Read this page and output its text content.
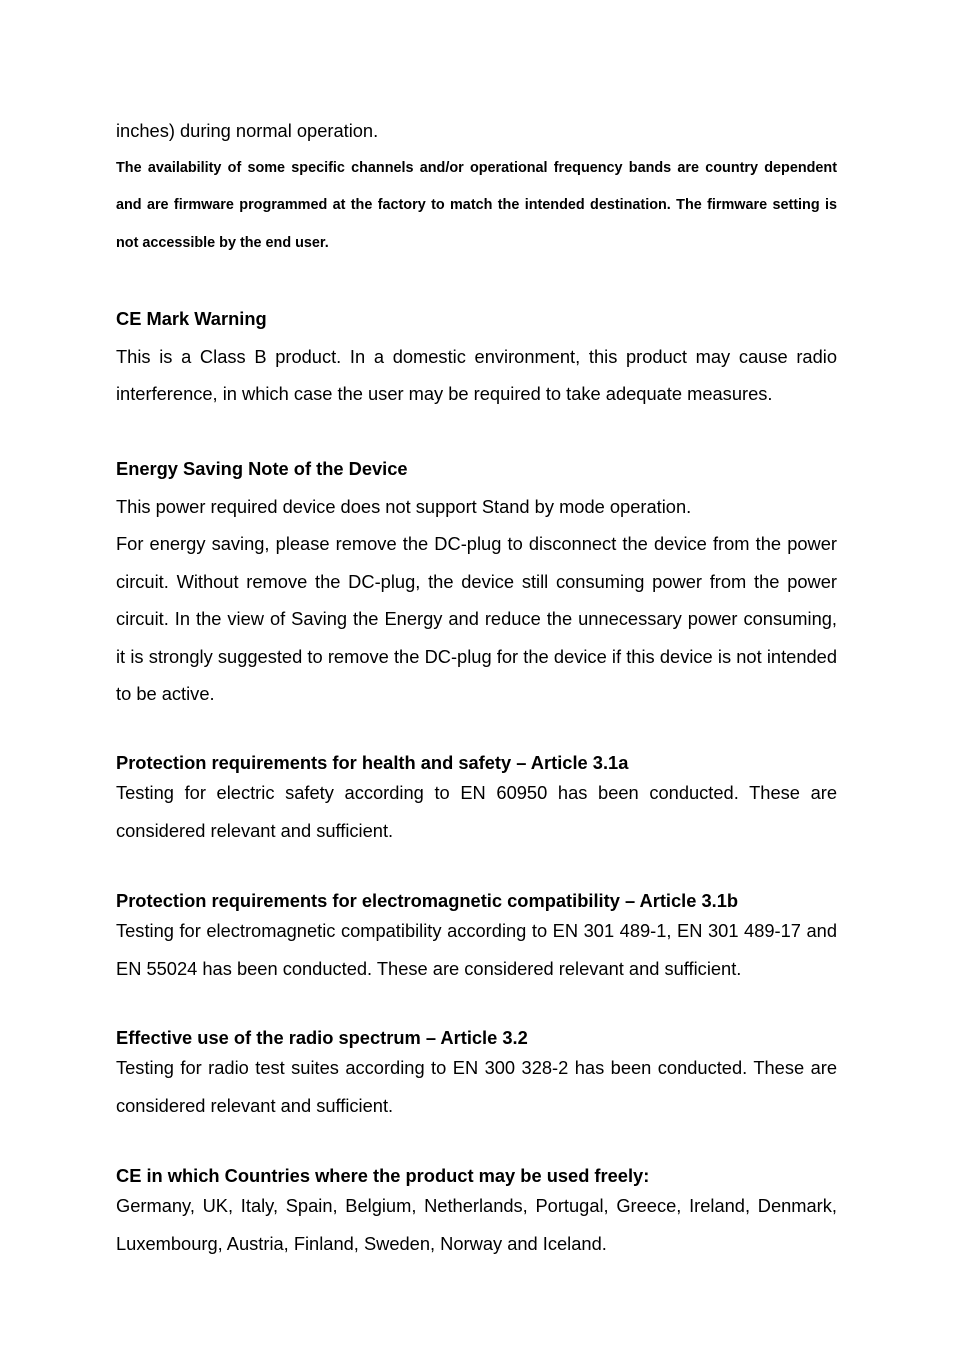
inches) during normal operation.

The availability of some specific channels and/or operational frequency bands are country dependent and are firmware programmed at the factory to match the intended destination. The firmware setting is not accessible by the end user.

CE Mark Warning

This is a Class B product. In a domestic environment, this product may cause radio interference, in which case the user may be required to take adequate measures.

Energy Saving Note of the Device

This power required device does not support Stand by mode operation.

For energy saving, please remove the DC-plug to disconnect the device from the power circuit. Without remove the DC-plug, the device still consuming power from the power circuit. In the view of Saving the Energy and reduce the unnecessary power consuming, it is strongly suggested to remove the DC-plug for the device if this device is not intended to be active.

Protection requirements for health and safety – Article 3.1a

Testing for electric safety according to EN 60950 has been conducted. These are considered relevant and sufficient.

Protection requirements for electromagnetic compatibility – Article 3.1b

Testing for electromagnetic compatibility according to EN 301 489-1, EN 301 489-17 and EN 55024 has been conducted. These are considered relevant and sufficient.

Effective use of the radio spectrum – Article 3.2

Testing for radio test suites according to EN 300 328-2 has been conducted. These are considered relevant and sufficient.

CE in which Countries where the product may be used freely:

Germany, UK, Italy, Spain, Belgium, Netherlands, Portugal, Greece, Ireland, Denmark, Luxembourg, Austria, Finland, Sweden, Norway and Iceland.
